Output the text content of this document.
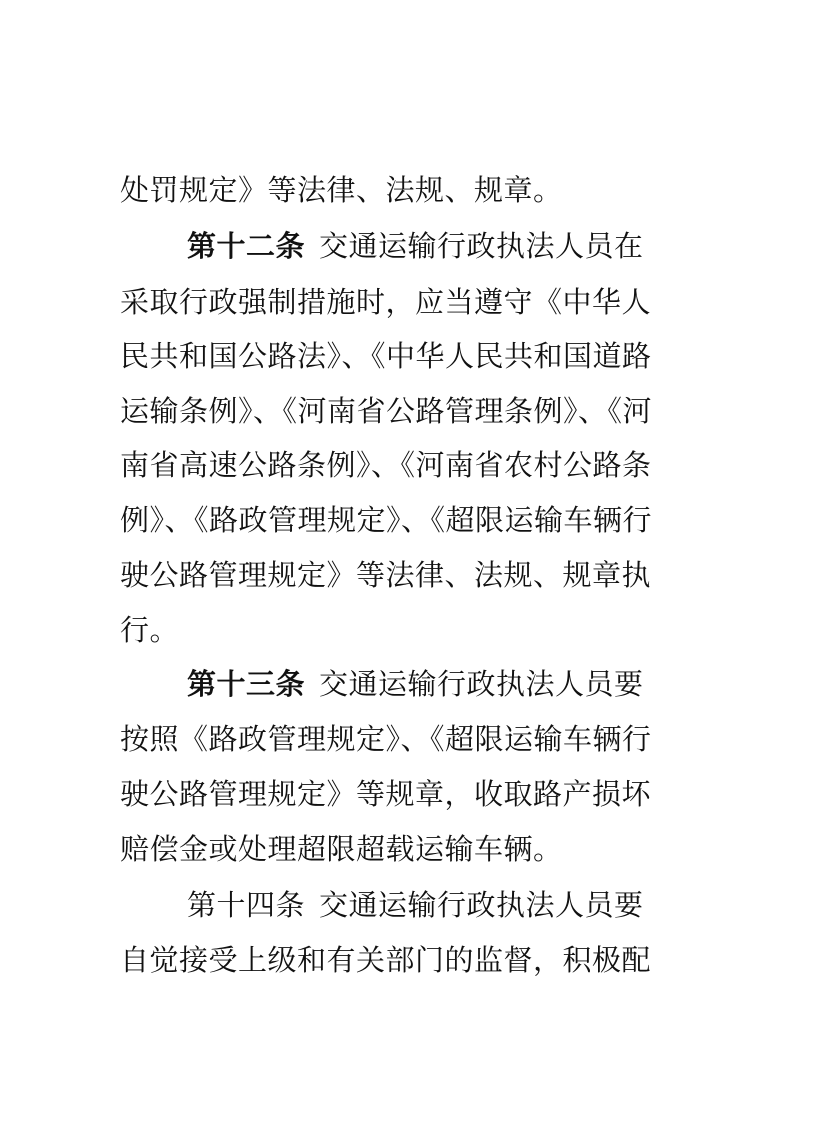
处罚规定》等法律、法规、规章。
第十二条 交通运输行政执法人员在
采取行政强制措施时，应当遵守《中华人
民共和国公路法》、《中华人民共和国道路
运输条例》、《河南省公路管理条例》、《河
南省高速公路条例》、《河南省农村公路条
例》、《路政管理规定》、《超限运输车辆行
驶公路管理规定》等法律、法规、规章执
行。
第十三条 交通运输行政执法人员要
按照《路政管理规定》、《超限运输车辆行
驶公路管理规定》等规章，收取路产损坏
赔偿金或处理超限超载运输车辆。
第十四条 交通运输行政执法人员要
自觉接受上级和有关部门的监督，积极配
